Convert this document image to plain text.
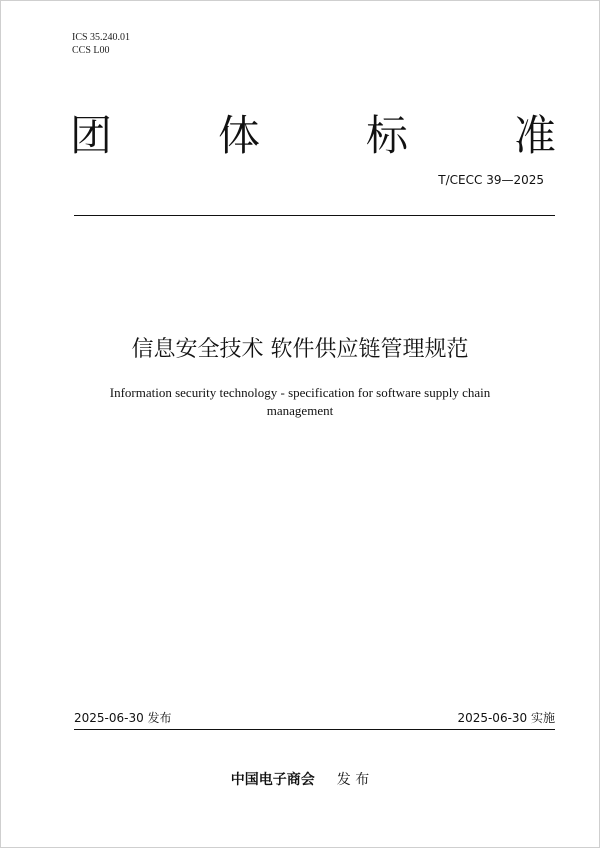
ICS 35.240.01
CCS L00
团	体	标	准
T/CECC 39—2025
信息安全技术 软件供应链管理规范
Information security technology - specification for software supply chain management
2025-06-30 发布	2025-06-30 实施
中国电子商会 发 布
